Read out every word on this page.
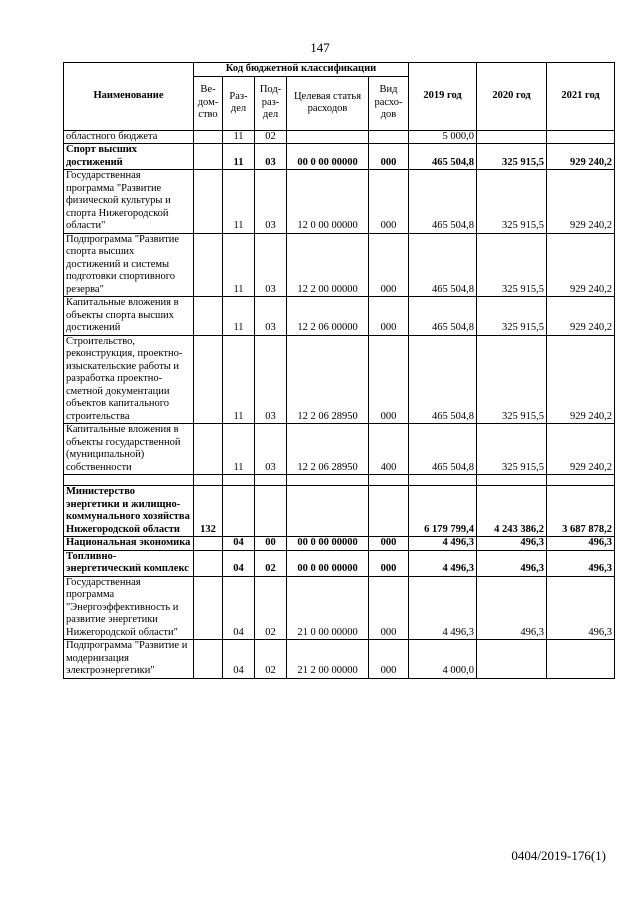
147
Наименование	Код бюджетной классификации					2019 год	2020 год	2021 год
	Ве-дом-ство	Раз-дел	Под-раз-дел	Целевая статья расходов	Вид расхо-дов			
областного бюджета		11	02			5 000,0		
Спорт высших достижений		11	03	00 0 00 00000	000	465 504,8	325 915,5	929 240,2
Государственная программа "Развитие физической культуры и спорта Нижегородской области"		11	03	12 0 00 00000	000	465 504,8	325 915,5	929 240,2
Подпрограмма "Развитие спорта высших достижений и системы подготовки спортивного резерва"		11	03	12 2 00 00000	000	465 504,8	325 915,5	929 240,2
Капитальные вложения в объекты спорта высших достижений		11	03	12 2 06 00000	000	465 504,8	325 915,5	929 240,2
Строительство, реконструкция, проектно-изыскательские работы и разработка проектно-сметной документации объектов капитального строительства		11	03	12 2 06 28950	000	465 504,8	325 915,5	929 240,2
Капитальные вложения в объекты государственной (муниципальной) собственности		11	03	12 2 06 28950	400	465 504,8	325 915,5	929 240,2

Министерство энергетики и жилищно-коммунального хозяйства Нижегородской области	132					6 179 799,4	4 243 386,2	3 687 878,2
Национальная экономика		04	00	00 0 00 00000	000	4 496,3	496,3	496,3
Топливно-энергетический комплекс		04	02	00 0 00 00000	000	4 496,3	496,3	496,3
Государственная программа "Энергоэффективность и развитие энергетики Нижегородской области"		04	02	21 0 00 00000	000	4 496,3	496,3	496,3
Подпрограмма "Развитие и модернизация электроэнергетики"		04	02	21 2 00 00000	000	4 000,0		
0404/2019-176(1)
